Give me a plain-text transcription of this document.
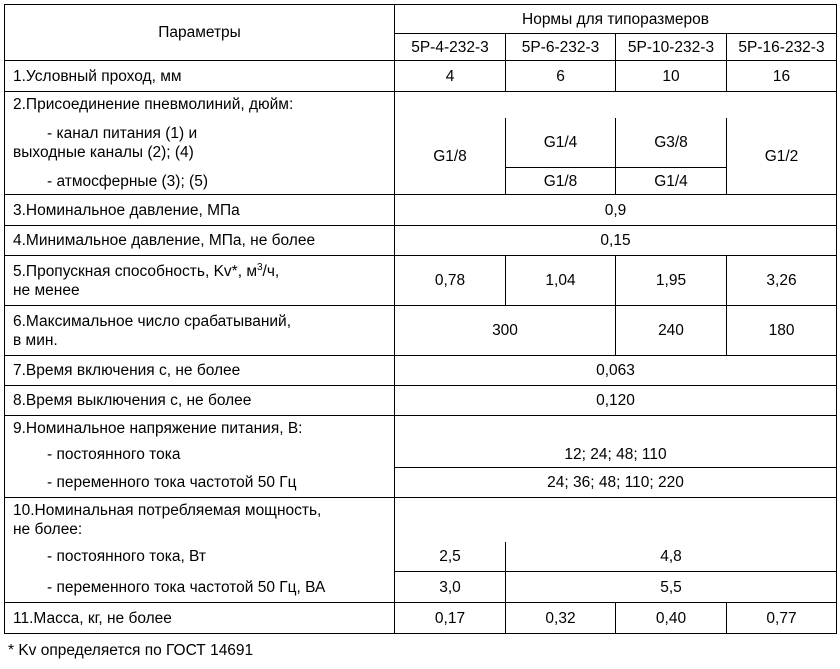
Параметры	Нормы для типоразмеров			
	5Р-4-232-3	5Р-6-232-3	5Р-10-232-3	5Р-16-232-3
1.Условный проход, мм	4	6	10	16
2.Присоединение пневмолиний, дюйм:				

- канал питания (1) и
выходные каналы (2); (4)	G1/8	G1/4	G3/8	G1/2
- атмосферные (3); (5)		G1/8	G1/4	
3.Номинальное давление, МПа	0,9			
4.Минимальное давление, МПа, не более	0,15			

5.Пропускная способность, Kv*, $м^3/ч$,
не менее	0,78	1,04	1,95	3,26

6.Максимальное число срабатываний,
в мин.	300		240	180
7.Время включения с, не более	0,063			
8.Время выключения с, не более	0,120			
9.Номинальное напряжение питания, В:				
- постоянного тока	12; 24; 48; 110			
- переменного тока частотой 50 Гц	24; 36; 48; 110; 220			

10.Номинальная потребляемая мощность,
не более:				

- постоянного тока, Вт	2,5	4,8		
- переменного тока частотой 50 Гц, ВА	3,0	5,5		
11.Масса, кг, не более	0,17	0,32	0,40	0,77
* Kv определяется по ГОСТ 14691
